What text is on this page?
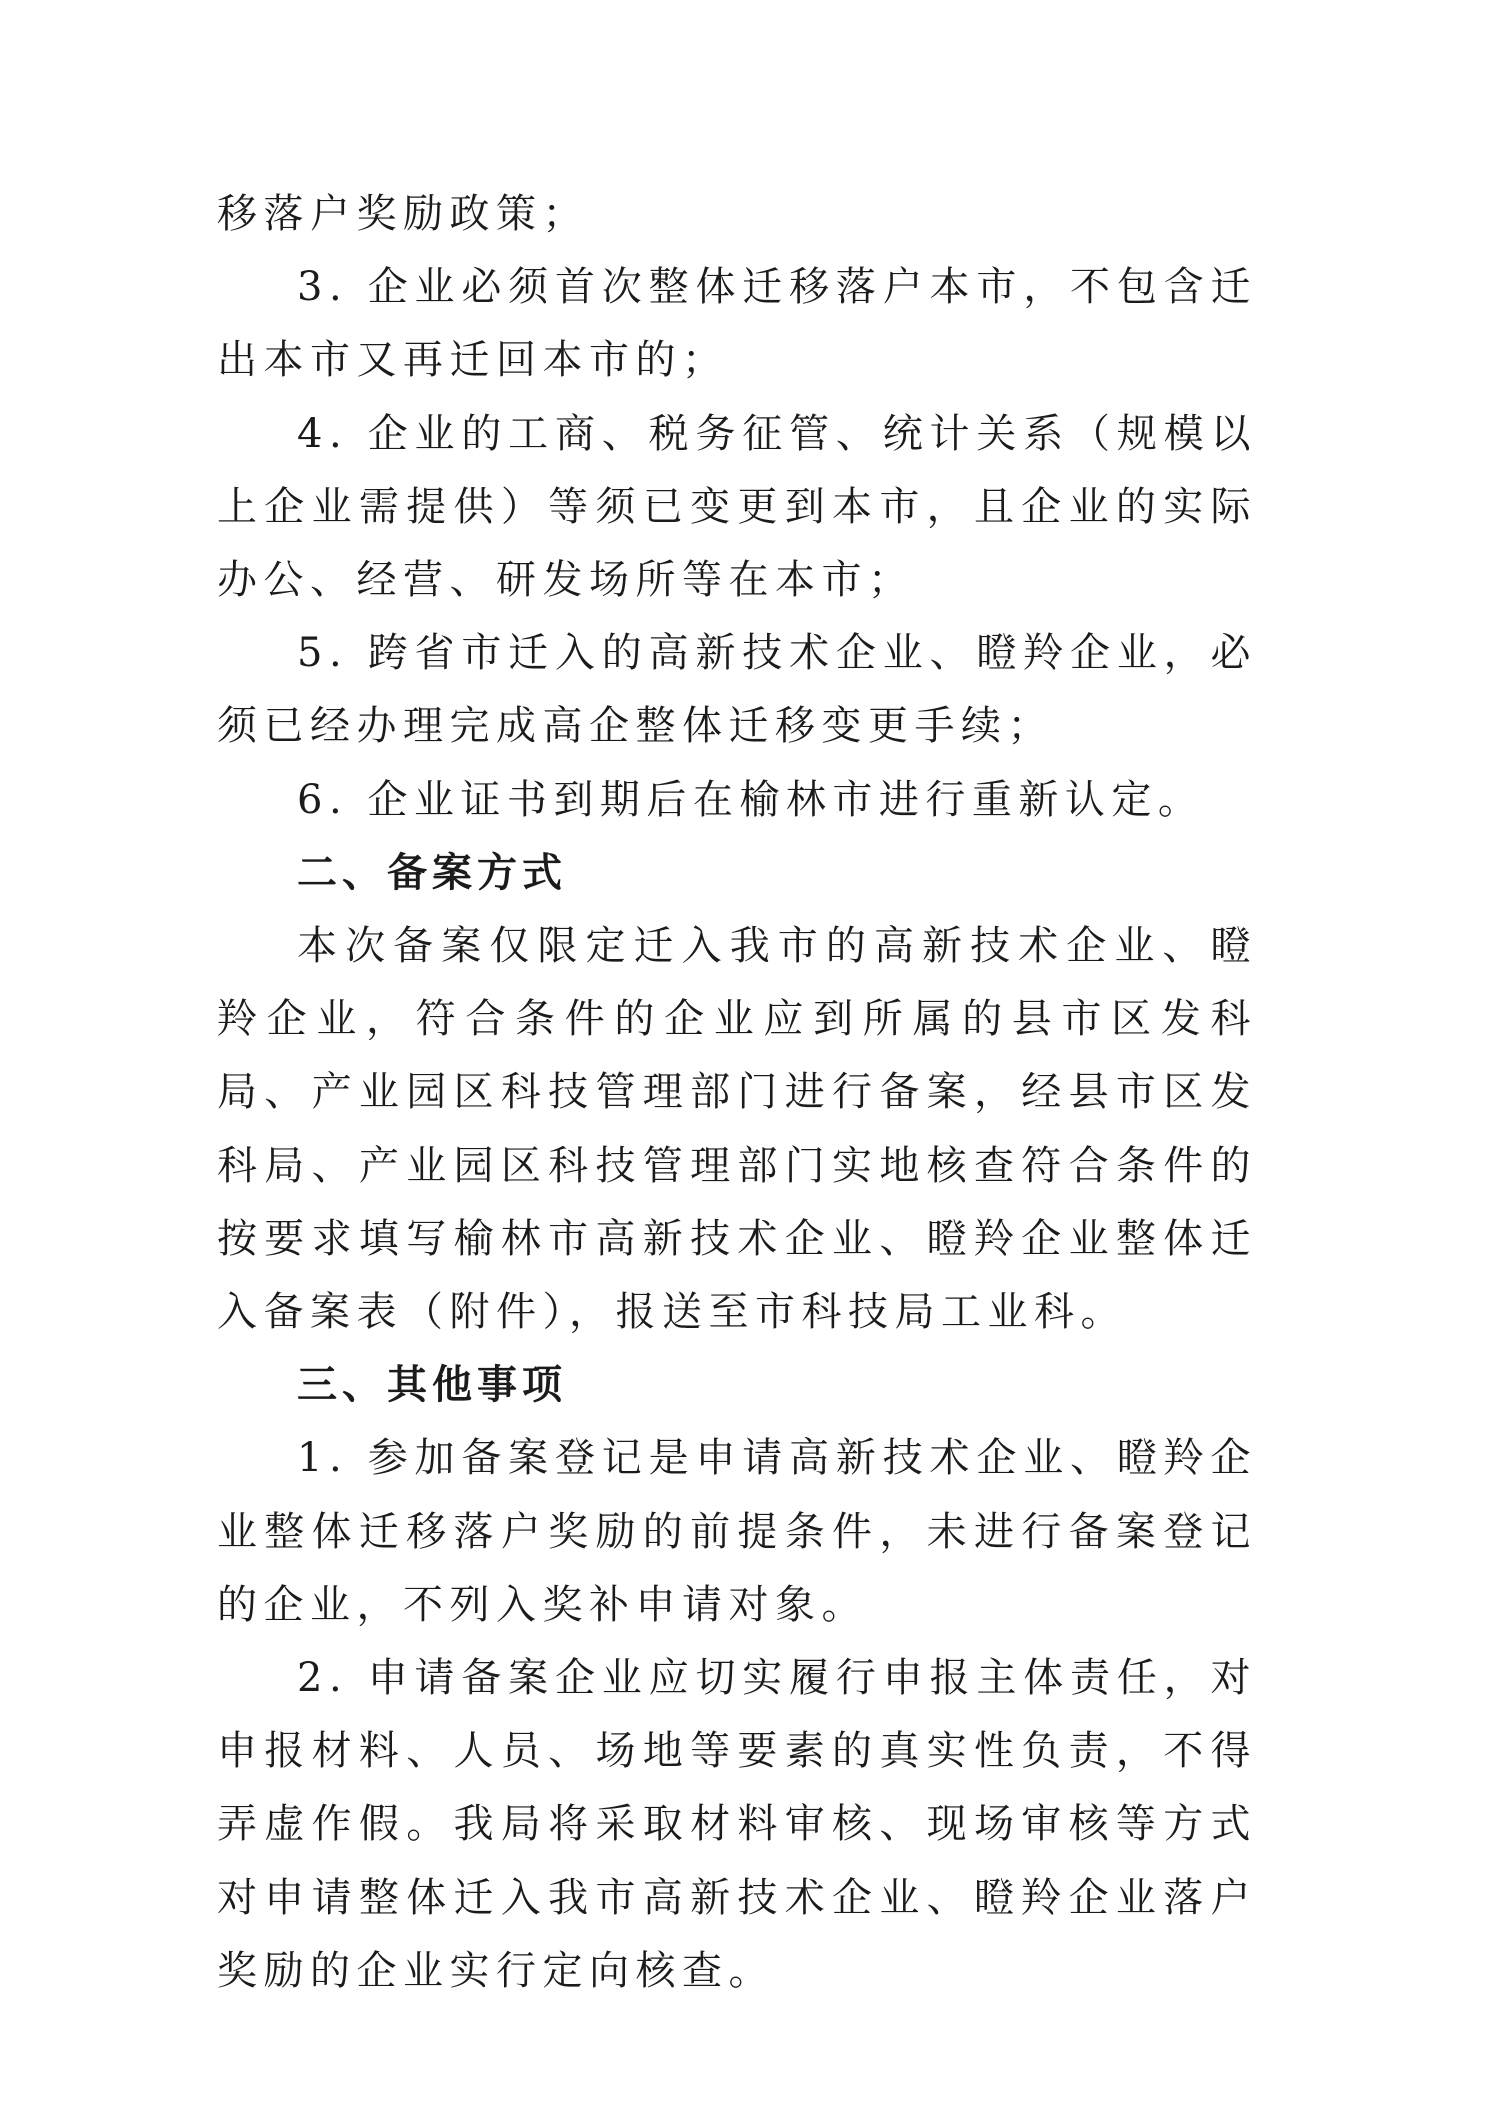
移落户奖励政策；

3. 企业必须首次整体迁移落户本市，不包含迁出本市又再迁回本市的；

4. 企业的工商、税务征管、统计关系（规模以上企业需提供）等须已变更到本市，且企业的实际办公、经营、研发场所等在本市；

5. 跨省市迁入的高新技术企业、瞪羚企业，必须已经办理完成高企整体迁移变更手续；

6. 企业证书到期后在榆林市进行重新认定。

二、备案方式

本次备案仅限定迁入我市的高新技术企业、瞪羚企业，符合条件的企业应到所属的县市区发科局、产业园区科技管理部门进行备案，经县市区发科局、产业园区科技管理部门实地核查符合条件的按要求填写榆林市高新技术企业、瞪羚企业整体迁入备案表（附件），报送至市科技局工业科。

三、其他事项

1. 参加备案登记是申请高新技术企业、瞪羚企业整体迁移落户奖励的前提条件，未进行备案登记的企业，不列入奖补申请对象。

2. 申请备案企业应切实履行申报主体责任，对申报材料、人员、场地等要素的真实性负责，不得弄虚作假。我局将采取材料审核、现场审核等方式对申请整体迁入我市高新技术企业、瞪羚企业落户奖励的企业实行定向核查。
